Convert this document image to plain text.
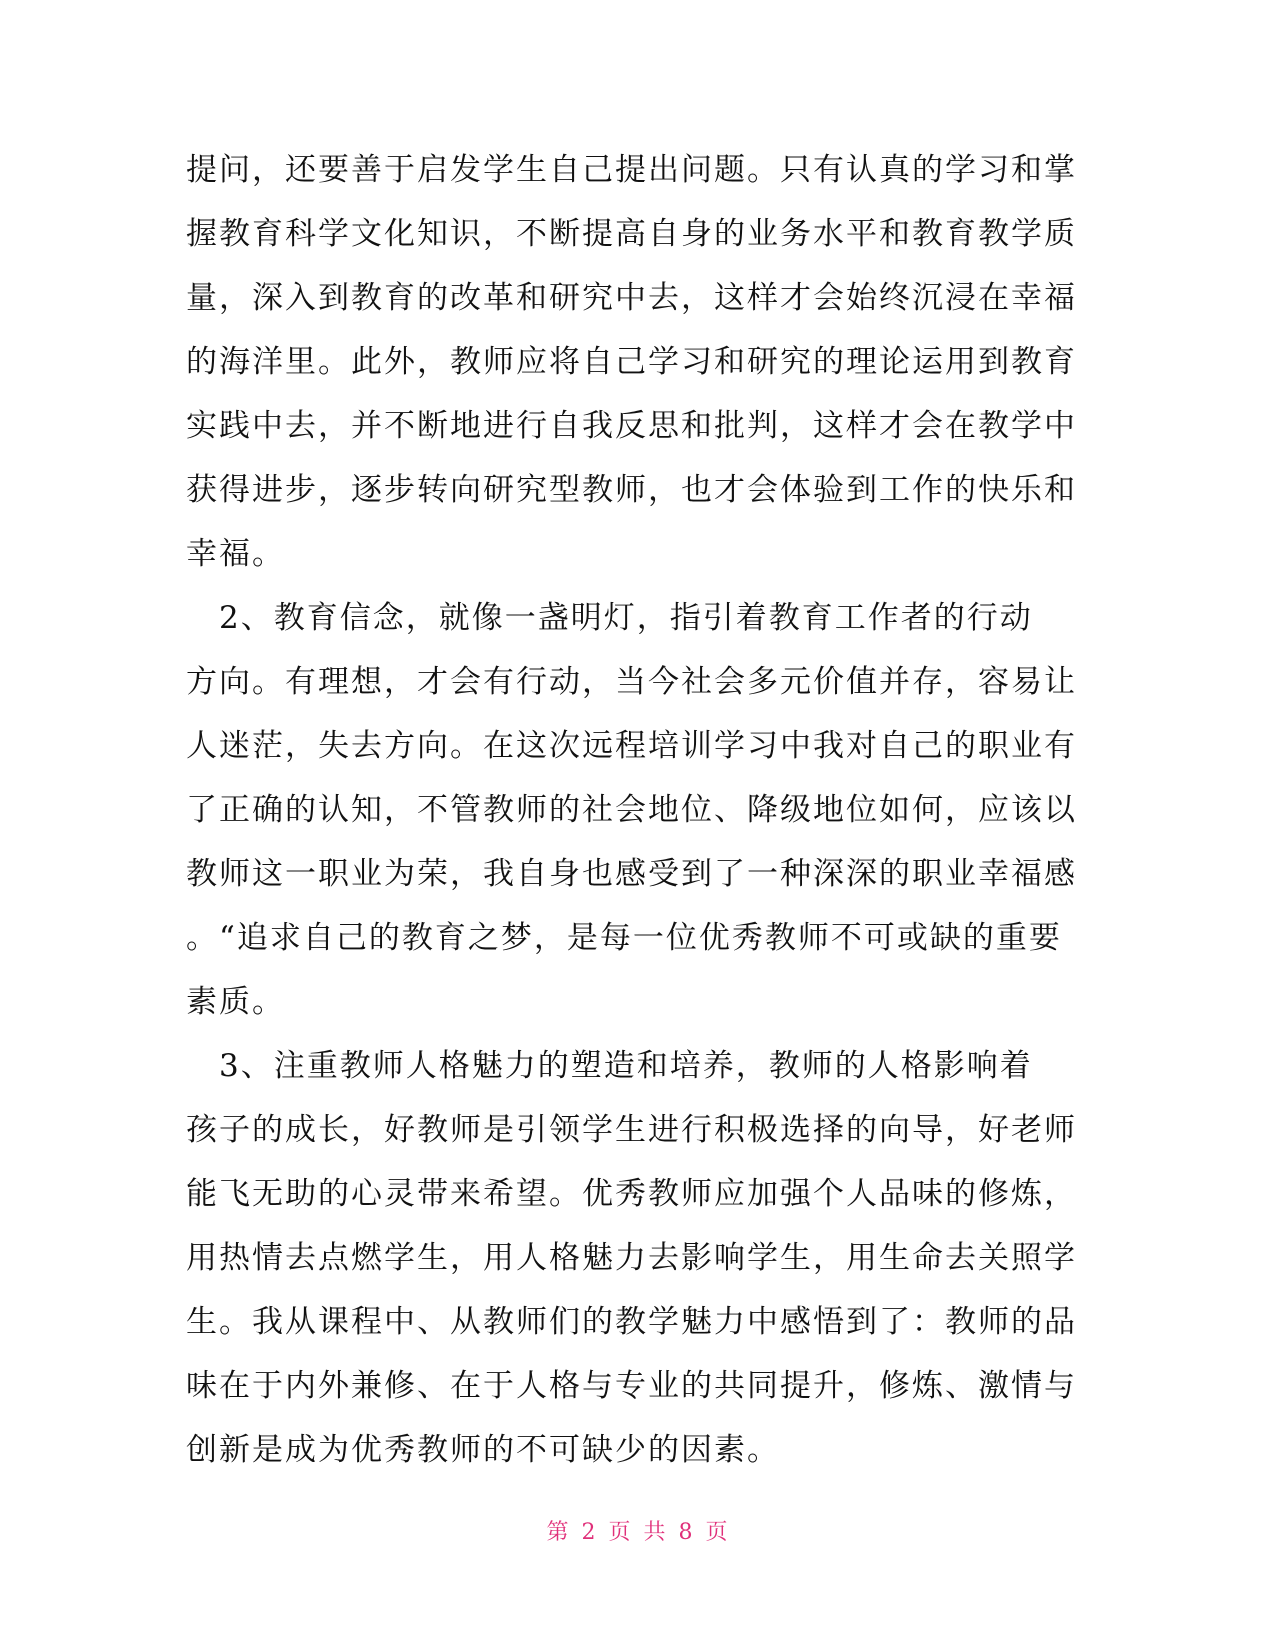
提问，还要善于启发学生自己提出问题。只有认真的学习和掌
握教育科学文化知识，不断提高自身的业务水平和教育教学质
量，深入到教育的改革和研究中去，这样才会始终沉浸在幸福
的海洋里。此外，教师应将自己学习和研究的理论运用到教育
实践中去，并不断地进行自我反思和批判，这样才会在教学中
获得进步，逐步转向研究型教师，也才会体验到工作的快乐和
幸福。
　2、教育信念，就像一盏明灯，指引着教育工作者的行动
方向。有理想，才会有行动，当今社会多元价值并存，容易让
人迷茫，失去方向。在这次远程培训学习中我对自己的职业有
了正确的认知，不管教师的社会地位、降级地位如何，应该以
教师这一职业为荣，我自身也感受到了一种深深的职业幸福感
。“追求自己的教育之梦，是每一位优秀教师不可或缺的重要
素质。
　3、注重教师人格魅力的塑造和培养，教师的人格影响着
孩子的成长，好教师是引领学生进行积极选择的向导，好老师
能飞无助的心灵带来希望。优秀教师应加强个人品味的修炼，
用热情去点燃学生，用人格魅力去影响学生，用生命去关照学
生。我从课程中、从教师们的教学魅力中感悟到了：教师的品
味在于内外兼修、在于人格与专业的共同提升，修炼、激情与
创新是成为优秀教师的不可缺少的因素。
第 2 页 共 8 页
